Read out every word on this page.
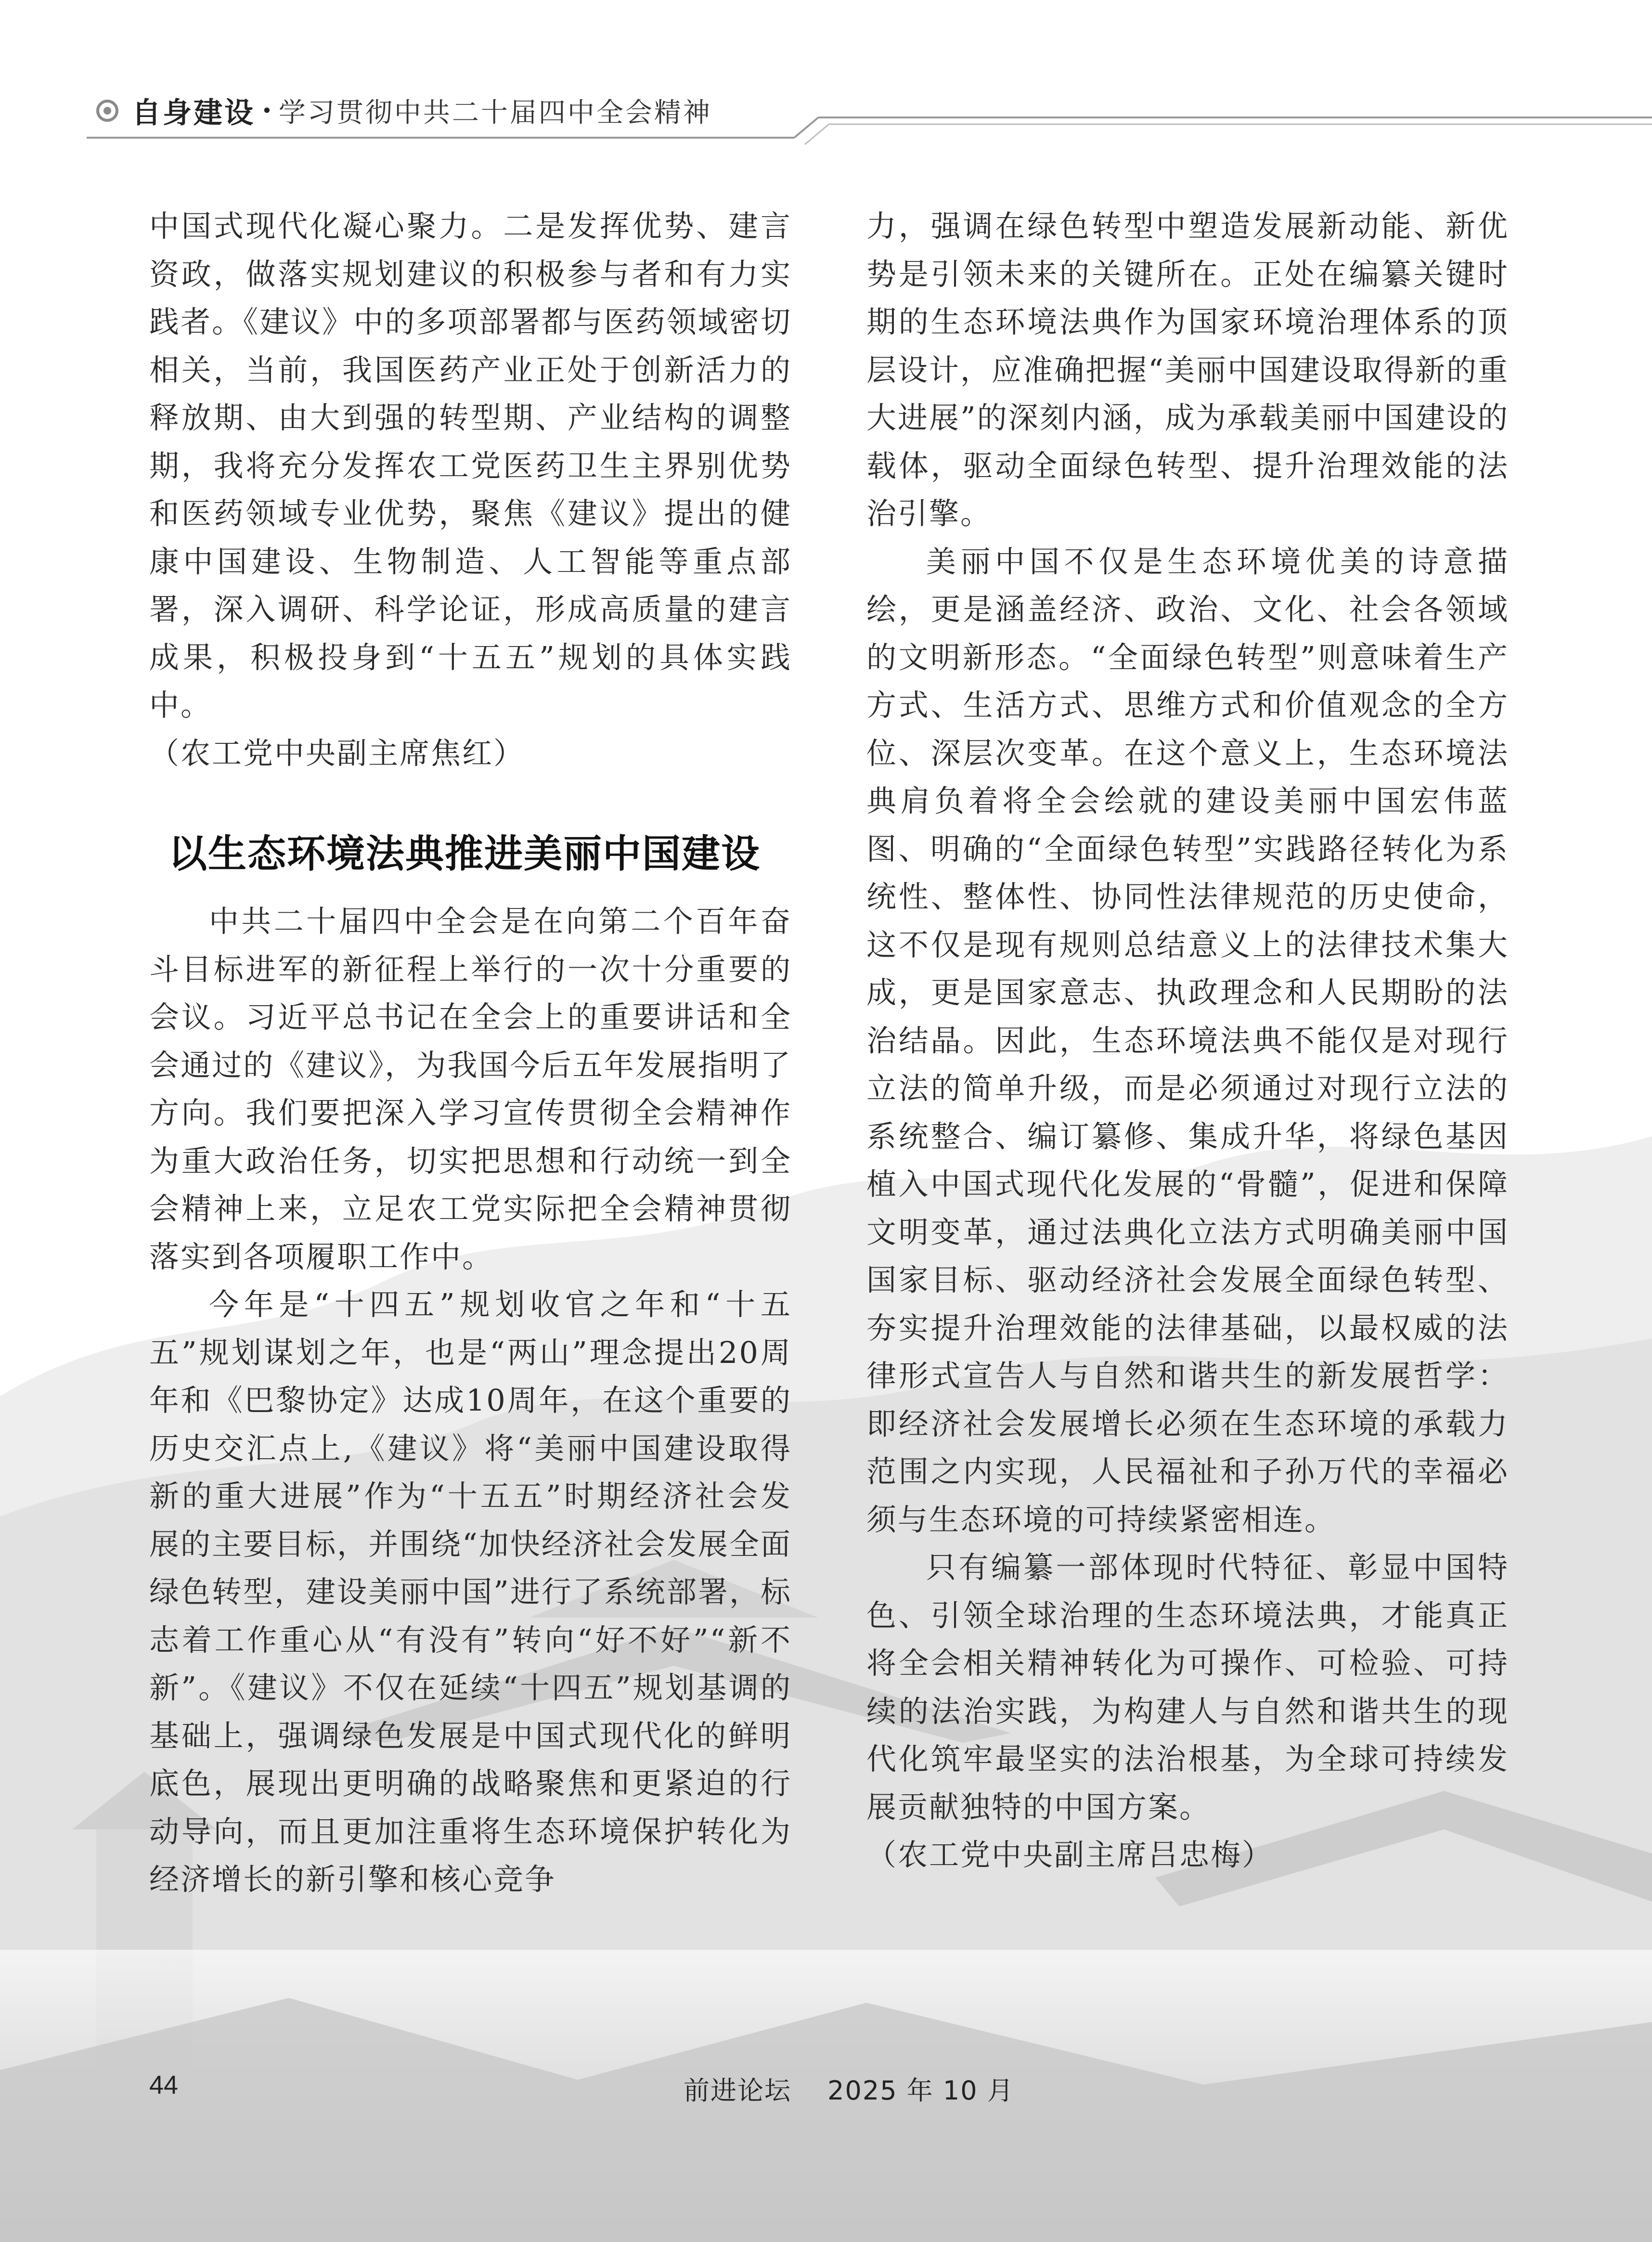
自身建设 · 学习贯彻中共二十届四中全会精神

中国式现代化凝心聚力。二是发挥优势、建言资政，做落实规划建议的积极参与者和有力实践者。《建议》中的多项部署都与医药领域密切相关，当前，我国医药产业正处于创新活力的释放期、由大到强的转型期、产业结构的调整期，我将充分发挥农工党医药卫生主界别优势和医药领域专业优势，聚焦《建议》提出的健康中国建设、生物制造、人工智能等重点部署，深入调研、科学论证，形成高质量的建言成果，积极投身到“十五五”规划的具体实践中。

（农工党中央副主席焦红）

以生态环境法典推进美丽中国建设

中共二十届四中全会是在向第二个百年奋斗目标进军的新征程上举行的一次十分重要的会议。习近平总书记在全会上的重要讲话和全会通过的《建议》，为我国今后五年发展指明了方向。我们要把深入学习宣传贯彻全会精神作为重大政治任务，切实把思想和行动统一到全会精神上来，立足农工党实际把全会精神贯彻落实到各项履职工作中。

今年是“十四五”规划收官之年和“十五五”规划谋划之年，也是“两山”理念提出20周年和《巴黎协定》达成10周年，在这个重要的历史交汇点上,《建议》将“美丽中国建设取得新的重大进展”作为“十五五”时期经济社会发展的主要目标，并围绕“加快经济社会发展全面绿色转型，建设美丽中国”进行了系统部署，标志着工作重心从“有没有”转向“好不好”“新不新”。《建议》不仅在延续“十四五”规划基调的基础上，强调绿色发展是中国式现代化的鲜明底色，展现出更明确的战略聚焦和更紧迫的行动导向，而且更加注重将生态环境保护转化为经济增长的新引擎和核心竞争

力，强调在绿色转型中塑造发展新动能、新优势是引领未来的关键所在。正处在编纂关键时期的生态环境法典作为国家环境治理体系的顶层设计，应准确把握“美丽中国建设取得新的重大进展”的深刻内涵，成为承载美丽中国建设的载体，驱动全面绿色转型、提升治理效能的法治引擎。

美丽中国不仅是生态环境优美的诗意描绘，更是涵盖经济、政治、文化、社会各领域的文明新形态。“全面绿色转型”则意味着生产方式、生活方式、思维方式和价值观念的全方位、深层次变革。在这个意义上，生态环境法典肩负着将全会绘就的建设美丽中国宏伟蓝图、明确的“全面绿色转型”实践路径转化为系统性、整体性、协同性法律规范的历史使命，这不仅是现有规则总结意义上的法律技术集大成，更是国家意志、执政理念和人民期盼的法治结晶。因此，生态环境法典不能仅是对现行立法的简单升级，而是必须通过对现行立法的系统整合、编订纂修、集成升华，将绿色基因植入中国式现代化发展的“骨髓”，促进和保障文明变革，通过法典化立法方式明确美丽中国国家目标、驱动经济社会发展全面绿色转型、夯实提升治理效能的法律基础，以最权威的法律形式宣告人与自然和谐共生的新发展哲学：即经济社会发展增长必须在生态环境的承载力范围之内实现，人民福祉和子孙万代的幸福必须与生态环境的可持续紧密相连。

只有编纂一部体现时代特征、彰显中国特色、引领全球治理的生态环境法典，才能真正将全会相关精神转化为可操作、可检验、可持续的法治实践，为构建人与自然和谐共生的现代化筑牢最坚实的法治根基，为全球可持续发展贡献独特的中国方案。

（农工党中央副主席吕忠梅）

44	前进论坛　 2025 年 10 月
